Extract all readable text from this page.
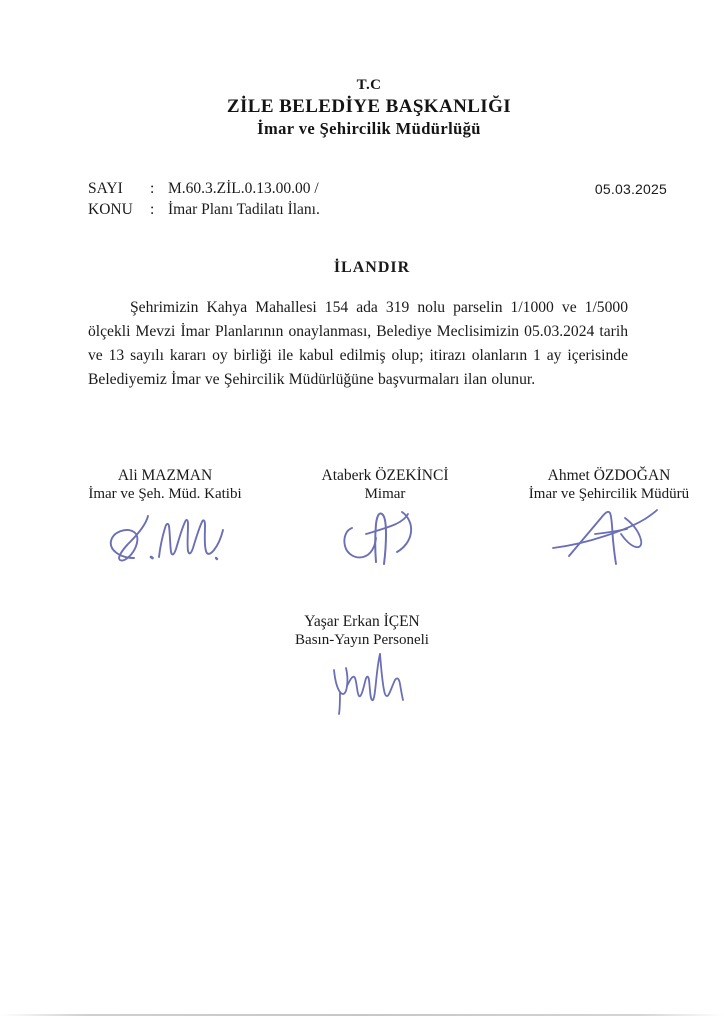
T.C
ZİLE BELEDİYE BAŞKANLIĞI
İmar ve Şehircilik Müdürlüğü
SAYI : M.60.3.ZİL.0.13.00.00 /
KONU : İmar Planı Tadilatı İlanı.
05.03.2025
İLANDIR
Şehrimizin Kahya Mahallesi 154 ada 319 nolu parselin 1/1000 ve 1/5000 ölçekli Mevzi İmar Planlarının onaylanması, Belediye Meclisimizin 05.03.2024 tarih ve 13 sayılı kararı oy birliği ile kabul edilmiş olup; itirazı olanların 1 ay içerisinde Belediyemiz İmar ve Şehircilik Müdürlüğüne başvurmaları ilan olunur.
Ali MAZMAN
İmar ve Şeh. Müd. Katibi
Ataberk ÖZEKİNCİ
Mimar
Ahmet ÖZDOĞAN
İmar ve Şehircilik Müdürü
Yaşar Erkan İÇEN
Basın-Yayın Personeli
